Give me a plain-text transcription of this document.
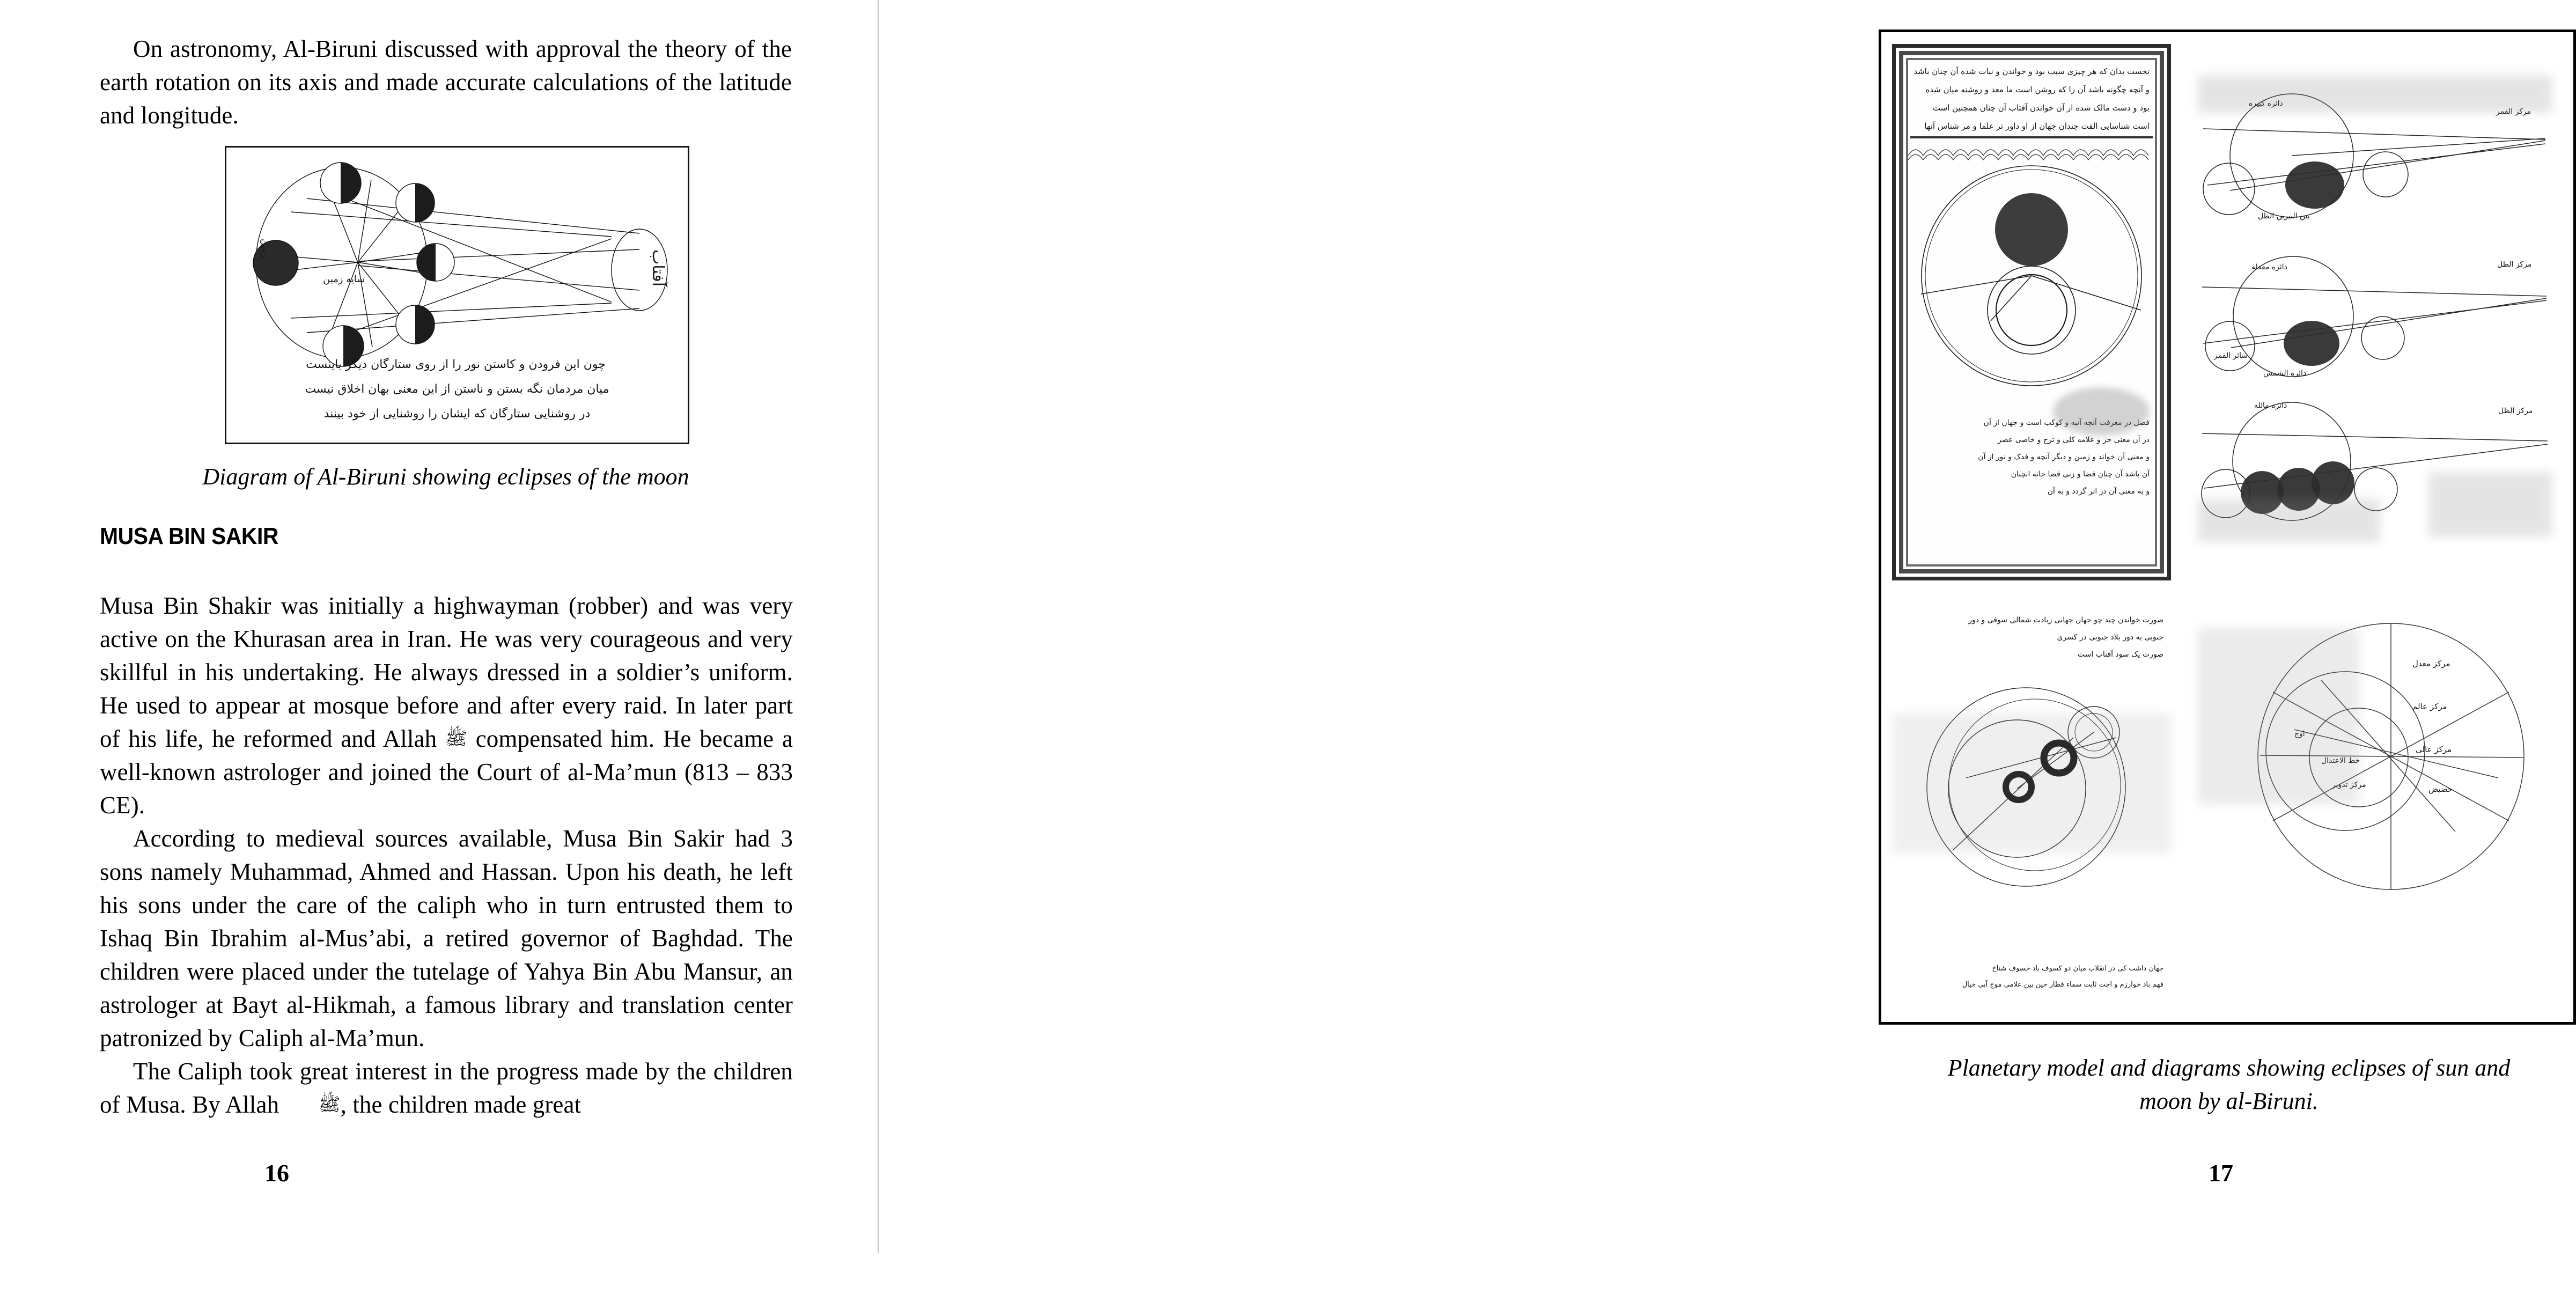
On astronomy, Al-Biruni discussed with approval the theory of the earth rotation on its axis and made accurate calculations of the latitude and longitude.

آفتاب
سایه زمین
زمین
چون این فرودن و کاستن نور را از روی ستارگان دیگر باینست
میان مردمان نگه بستن و ناستن از این معنی بهان اخلاق نیست
در روشنایی ستارگان که ایشان را روشنایی از خود بینند
Diagram of Al-Biruni showing eclipses of the moon
MUSA BIN SAKIR

Musa Bin Shakir was initially a highwayman (robber) and was very active on the Khurasan area in Iran. He was very courageous and very skillful in his undertaking. He always dressed in a soldier’s uniform. He used to appear at mosque before and after every raid. In later part of his life, he reformed and Allah ﷺ compensated him. He became a well-known astrologer and joined the Court of al-Ma’mun (813 – 833 CE).

According to medieval sources available, Musa Bin Sakir had 3 sons namely Muhammad, Ahmed and Hassan. Upon his death, he left his sons under the care of the caliph who in turn entrusted them to Ishaq Bin Ibrahim al-Mus’abi, a retired governor of Baghdad. The children were placed under the tutelage of Yahya Bin Abu Mansur, an astrologer at Bayt al-Hikmah, a famous library and translation center patronized by Caliph al-Ma’mun.

The Caliph took great interest in the progress made by the children of Musa. By Allah ﷺ, the children made great

16
نخست بدان که هر چیزی سبب بود و خواندن و نبات شده آن چنان باشد
و آنچه چگونه باشد آن را که روشن است ما معد و روشنه میان شده
بود و دست مالک شده از آن خواندن آفتاب آن چنان همچنین است
است شناسایی الفت چندان جهان از او داور تر علما و مر شناس آنها
فصل در معرفت آنچه آنبه و کوکب است و جهان از آن
در آن معنی جز و علامه کلی و ترج و خاصی عصر
و معنی آن خواند و زمین و دیگر آنچه و فدک و نور از آن
آن باشد آن چنان قضا و زنی قضا خانه انچنان
و به معنی آن در اثر گردد و به آن
دائره کبیره
مرکز القمر
بین النیرین الظل
دائره معدله	مرکز الظل
سائر القمر
دائره الشمس
دائره مائله
مرکز الظل
صورت خواندن چند چو جهان جهانی زیادت شمالی سوفی و دور
جنوبی به دور بلاد جنوبی در کسری
صورت یک سود آفتاب است
جهان داشت کی در انقلاب میان دو کسوف باد خسوف شناخ
فهم باد خوارزم و اجت ثابت سماء قطار حین بین علامی موج آبی خیال
مرکز معدل
مرکز عالم
مرکز عالی
حضیض
خط الاعتدال
اوج
مرکز تدویر
Planetary model and diagrams showing eclipses of sun and
moon by al-Biruni.
17
